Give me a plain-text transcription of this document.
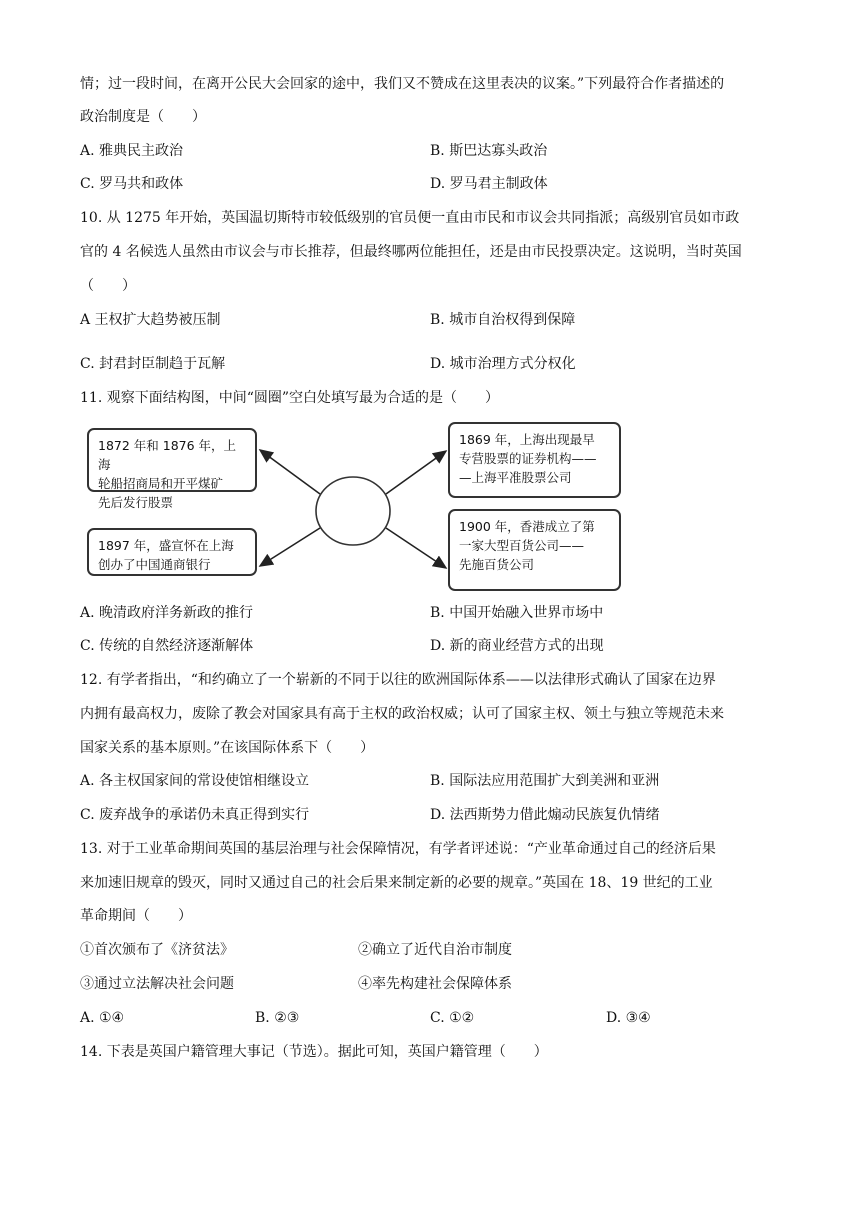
情；过一段时间，在离开公民大会回家的途中，我们又不赞成在这里表决的议案。”下列最符合作者描述的
政治制度是（　　）
A. 雅典民主政治	B. 斯巴达寡头政治
C. 罗马共和政体	D. 罗马君主制政体
10. 从 1275 年开始，英国温切斯特市较低级别的官员便一直由市民和市议会共同指派；高级别官员如市政
官的 4 名候选人虽然由市议会与市长推荐，但最终哪两位能担任，还是由市民投票决定。这说明，当时英国
（　　）
A 王权扩大趋势被压制	B. 城市自治权得到保障
C. 封君封臣制趋于瓦解	D. 城市治理方式分权化
11. 观察下面结构图，中间“圆圈”空白处填写最为合适的是（　　）
1872 年和 1876 年，上海
轮船招商局和开平煤矿
先后发行股票
1897 年，盛宣怀在上海
创办了中国通商银行
1869 年，上海出现最早
专营股票的证券机构——
—上海平准股票公司
1900 年，香港成立了第
一家大型百货公司——
先施百货公司
A. 晚清政府洋务新政的推行	B. 中国开始融入世界市场中
C. 传统的自然经济逐渐解体	D. 新的商业经营方式的出现
12. 有学者指出，“和约确立了一个崭新的不同于以往的欧洲国际体系——以法律形式确认了国家在边界
内拥有最高权力，废除了教会对国家具有高于主权的政治权威；认可了国家主权、领土与独立等规范未来
国家关系的基本原则。”在该国际体系下（　　）
A. 各主权国家间的常设使馆相继设立	B. 国际法应用范围扩大到美洲和亚洲
C. 废弃战争的承诺仍未真正得到实行	D. 法西斯势力借此煽动民族复仇情绪
13. 对于工业革命期间英国的基层治理与社会保障情况，有学者评述说：“产业革命通过自己的经济后果
来加速旧规章的毁灭，同时又通过自己的社会后果来制定新的必要的规章。”英国在 18、19 世纪的工业
革命期间（　　）
①首次颁布了《济贫法》	②确立了近代自治市制度
③通过立法解决社会问题	④率先构建社会保障体系
A. ①④	B. ②③	C. ①②	D. ③④
14. 下表是英国户籍管理大事记（节选）。据此可知，英国户籍管理（　　）
